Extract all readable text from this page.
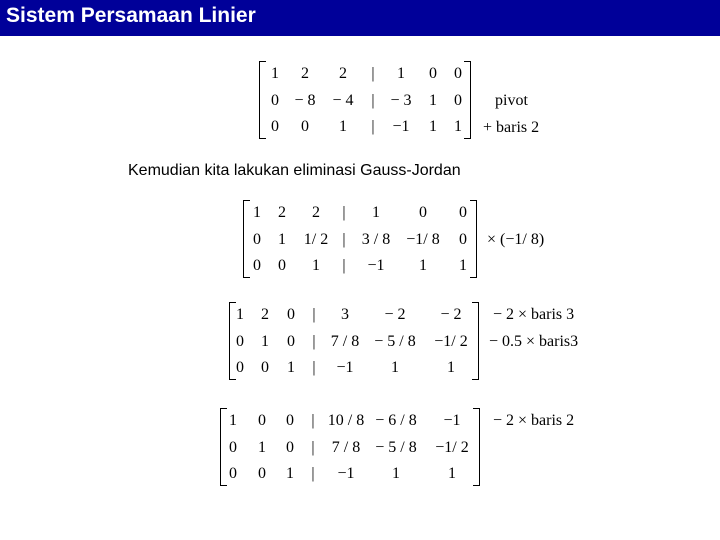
Sistem Persamaan Linier
1 2 2 | 1 0 0
0 − 8 − 4 | − 3 1 0
0 0 1 | −1 1 1
pivot
+ baris 2
Kemudian kita lakukan eliminasi Gauss-Jordan
1 2 2 | 1 0 0
0 1 1/ 2 | 3 / 8 −1/ 8 0
0 0 1 | −1 1 1
× (−1/ 8)
1 2 0 | 3 − 2 − 2
0 1 0 | 7 / 8 − 5 / 8 −1/ 2
0 0 1 | −1 1	1
− 2 × baris 3
− 0.5 × baris3
1 0 0 | 10 / 8 − 6 / 8 −1
0 1 0 | 7 / 8 − 5 / 8 −1/ 2
0 0 1 | −1 1	1
− 2 × baris 2
